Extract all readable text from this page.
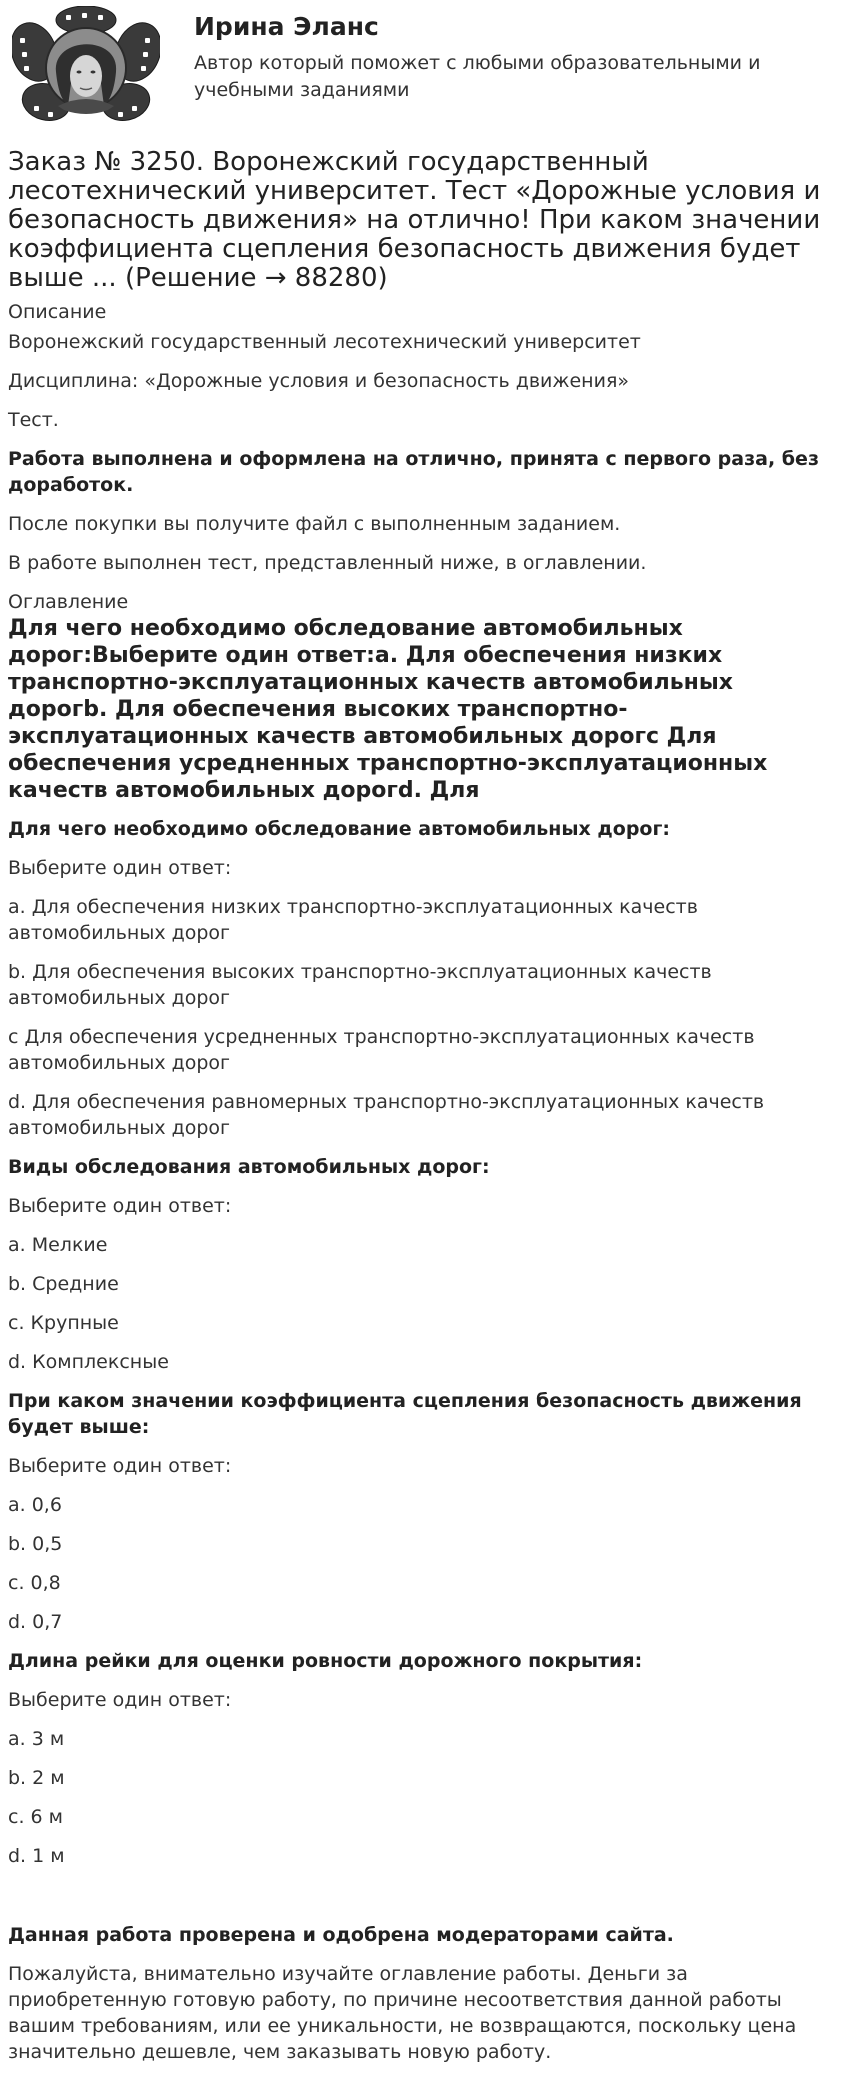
Ирина Эланс
Автор который поможет с любыми образовательными и учебными заданиями
Заказ № 3250. Воронежский государственный лесотехнический университет. Тест «Дорожные условия и безопасность движения» на отлично! При каком значении коэффициента сцепления безопасность движения будет выше ... (Решение → 88280)
Описание

Воронежский государственный лесотехнический университет

Дисциплина: «Дорожные условия и безопасность движения»

Тест.

Работа выполнена и оформлена на отлично, принята с первого раза, без доработок.

После покупки вы получите файл с выполненным заданием.

В работе выполнен тест, представленный ниже, в оглавлении.

Оглавление
Для чего необходимо обследование автомобильных дорог:Выберите один ответ:a. Для обеспечения низких транспортно-эксплуатационных качеств автомобильных дорогb. Для обеспечения высоких транспортно-эксплуатационных качеств автомобильных дорогc Для обеспечения усредненных транспортно-эксплуатационных качеств автомобильных дорогd. Для

Для чего необходимо обследование автомобильных дорог:

Выберите один ответ:

a. Для обеспечения низких транспортно-эксплуатационных качеств автомобильных дорог

b. Для обеспечения высоких транспортно-эксплуатационных качеств автомобильных дорог

c Для обеспечения усредненных транспортно-эксплуатационных качеств автомобильных дорог

d. Для обеспечения равномерных транспортно-эксплуатационных качеств автомобильных дорог

Виды обследования автомобильных дорог:

Выберите один ответ:

a. Мелкие

b. Средние

c. Крупные

d. Комплексные

При каком значении коэффициента сцепления безопасность движения будет выше:

Выберите один ответ:

a. 0,6

b. 0,5

c. 0,8

d. 0,7

Длина рейки для оценки ровности дорожного покрытия:

Выберите один ответ:

a. 3 м

b. 2 м

c. 6 м

d. 1 м

Данная работа проверена и одобрена модераторами сайта.

Пожалуйста, внимательно изучайте оглавление работы. Деньги за приобретенную готовую работу, по причине несоответствия данной работы вашим требованиям, или ее уникальности, не возвращаются, поскольку цена значительно дешевле, чем заказывать новую работу.
